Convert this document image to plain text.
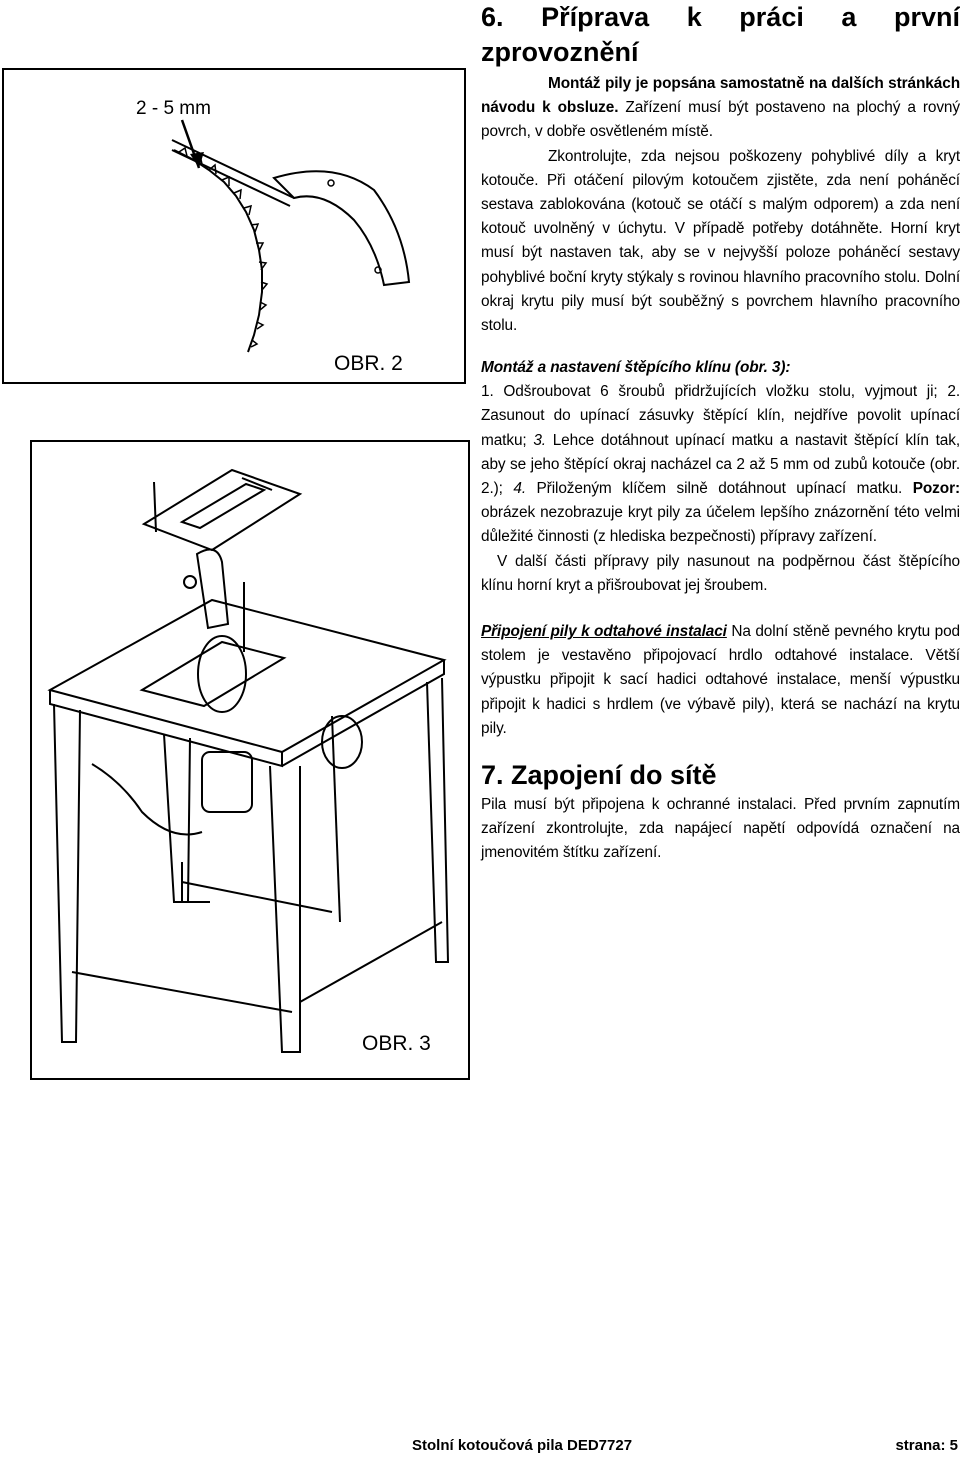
2 - 5 mm
OBR. 2
OBR. 3
6. Příprava k práci a první
zprovoznění

Montáž pily je popsána samostatně na dalších stránkách návodu k obsluze. Zařízení musí být postaveno na plochý a rovný povrch, v dobře osvětleném místě.

Zkontrolujte, zda nejsou poškozeny pohyblivé díly a kryt kotouče. Při otáčení pilovým kotoučem zjistěte, zda není poháněcí sestava zablokována (kotouč se otáčí s malým odporem) a zda není kotouč uvolněný v úchytu. V případě potřeby dotáhněte. Horní kryt musí být nastaven tak, aby se v nejvyšší poloze poháněcí sestavy pohyblivé boční kryty stýkaly s rovinou hlavního pracovního stolu. Dolní okraj krytu pily musí být souběžný s povrchem hlavního pracovního stolu.

Montáž a nastavení štěpícího klínu (obr. 3):

1. Odšroubovat 6 šroubů přidržujících vložku stolu, vyjmout ji; 2. Zasunout do upínací zásuvky štěpící klín, nejdříve povolit upínací matku; 3. Lehce dotáhnout upínací matku a nastavit štěpící klín tak, aby se jeho štěpící okraj nacházel ca 2 až 5 mm od zubů kotouče (obr. 2.); 4. Přiloženým klíčem silně dotáhnout upínací matku. Pozor: obrázek nezobrazuje kryt pily za účelem lepšího znázornění této velmi důležité činnosti (z hlediska bezpečnosti) přípravy zařízení.

V další části přípravy pily nasunout na podpěrnou část štěpícího klínu horní kryt a přišroubovat jej šroubem.

Připojení pily k odtahové instalaci Na dolní stěně pevného krytu pod stolem je vestavěno připojovací hrdlo odtahové instalace. Větší výpustku připojit k sací hadici odtahové instalace, menší výpustku připojit k hadici s hrdlem (ve výbavě pily), která se nachází na krytu pily.

7. Zapojení do sítě

Pila musí být připojena k ochranné instalaci. Před prvním zapnutím zařízení zkontrolujte, zda napájecí napětí odpovídá označení na jmenovitém štítku zařízení.

Stolní kotoučová pila DED7727	strana: 5
